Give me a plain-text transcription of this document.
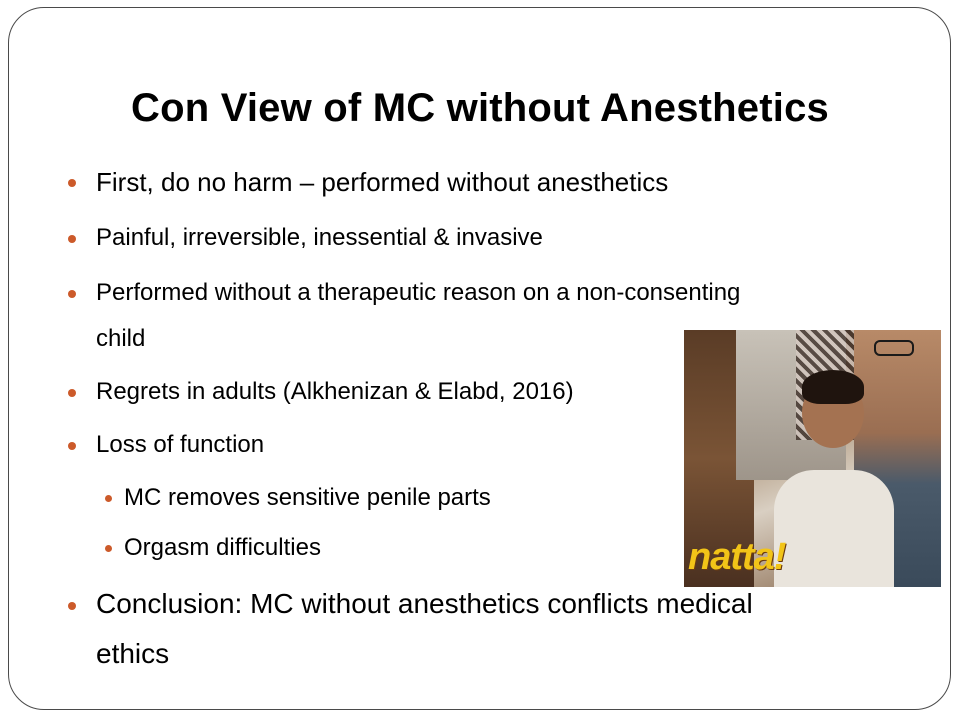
Con View of MC without Anesthetics
First, do no harm – performed without anesthetics
Painful, irreversible, inessential & invasive
Performed without a therapeutic reason on a non-consenting
child
Regrets in adults (Alkhenizan & Elabd, 2016)
Loss of function
MC removes sensitive penile parts
Orgasm difficulties
Conclusion: MC without anesthetics conflicts medical
ethics
natta!
